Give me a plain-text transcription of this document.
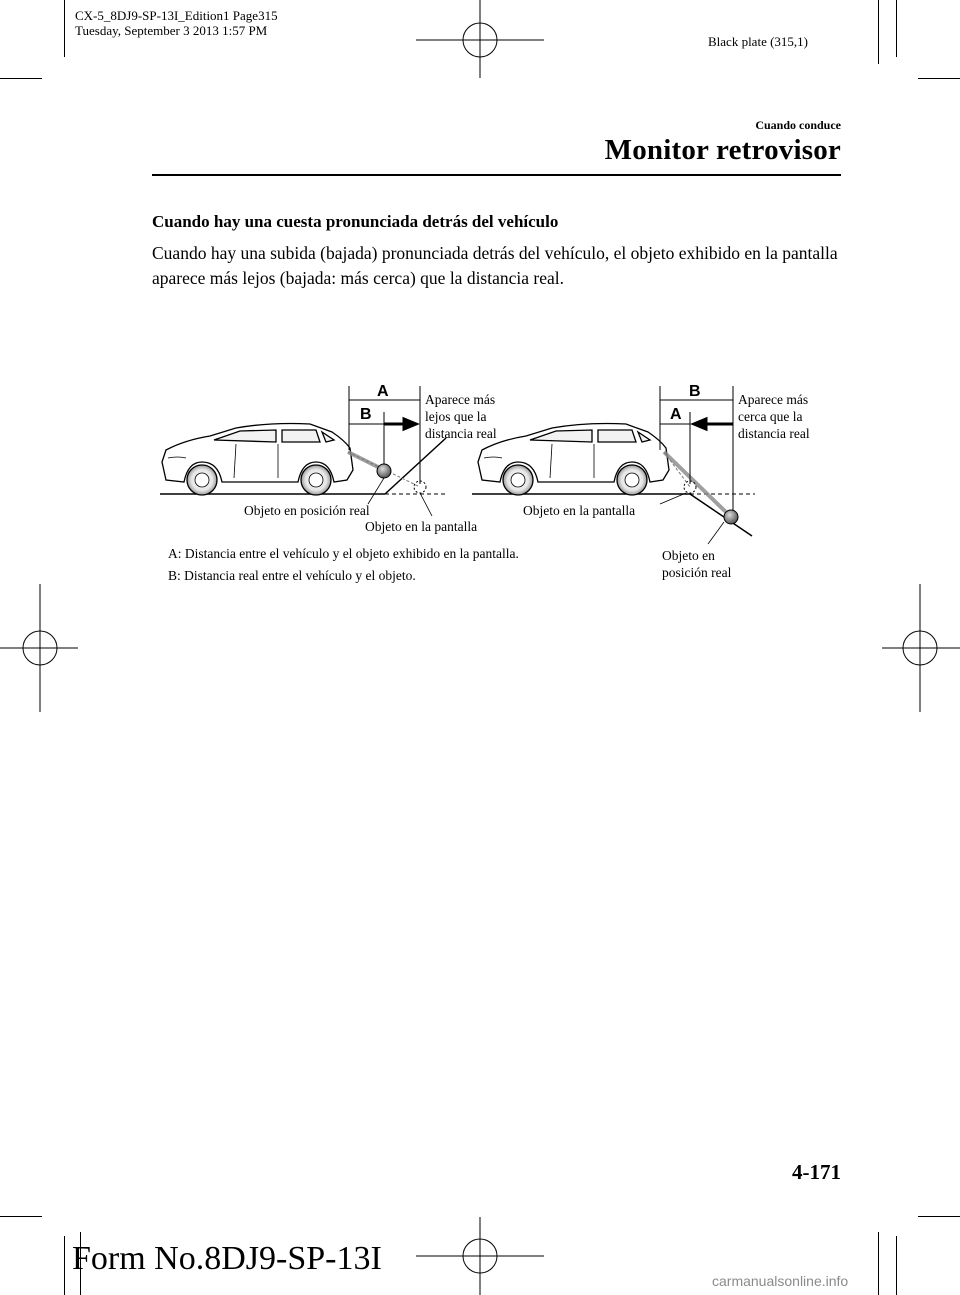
CX-5_8DJ9-SP-13I_Edition1 Page315
Tuesday, September 3 2013 1:57 PM
Black plate (315,1)
Cuando conduce
Monitor retrovisor
Cuando hay una cuesta pronunciada detrás del vehículo
Cuando hay una subida (bajada) pronunciada detrás del vehículo, el objeto exhibido en la pantalla aparece más lejos (bajada: más cerca) que la distancia real.
A
B
Aparece más
lejos que la
distancia real
Objeto en posición real
Objeto en la pantalla
B
A
Aparece más
cerca que la
distancia real
Objeto en la pantalla
Objeto en
posición real
A: Distancia entre el vehículo y el objeto exhibido en la pantalla.
B: Distancia real entre el vehículo y el objeto.
4-171
Form No.8DJ9-SP-13I
carmanualsonline.info
